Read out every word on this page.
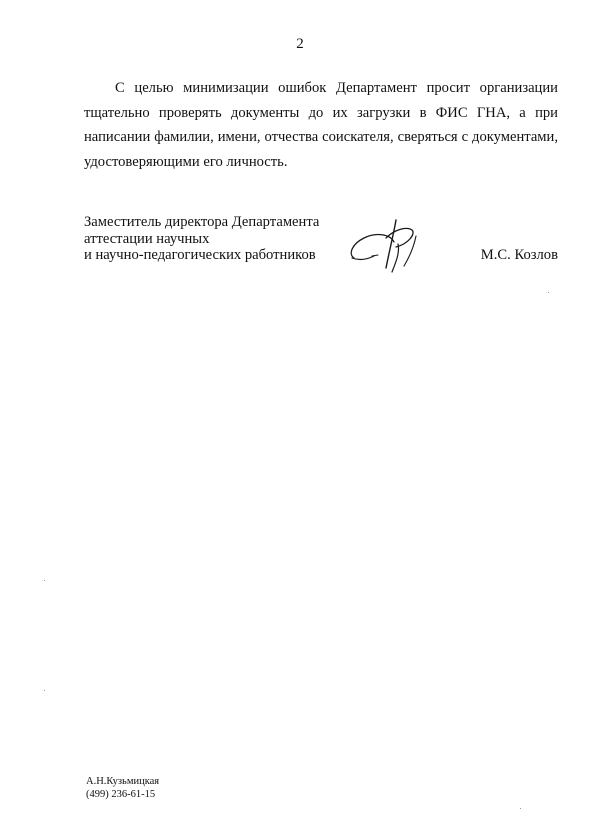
2

С целью минимизации ошибок Департамент просит организации тщательно проверять документы до их загрузки в ФИС ГНА, а при написании фамилии, имени, отчества соискателя, сверяться с документами, удостоверяющими его личность.

Заместитель директора Департамента
аттестации научных
и научно-педагогических работников	М.С. Козлов
А.Н.Кузьмицкая
(499) 236-61-15
